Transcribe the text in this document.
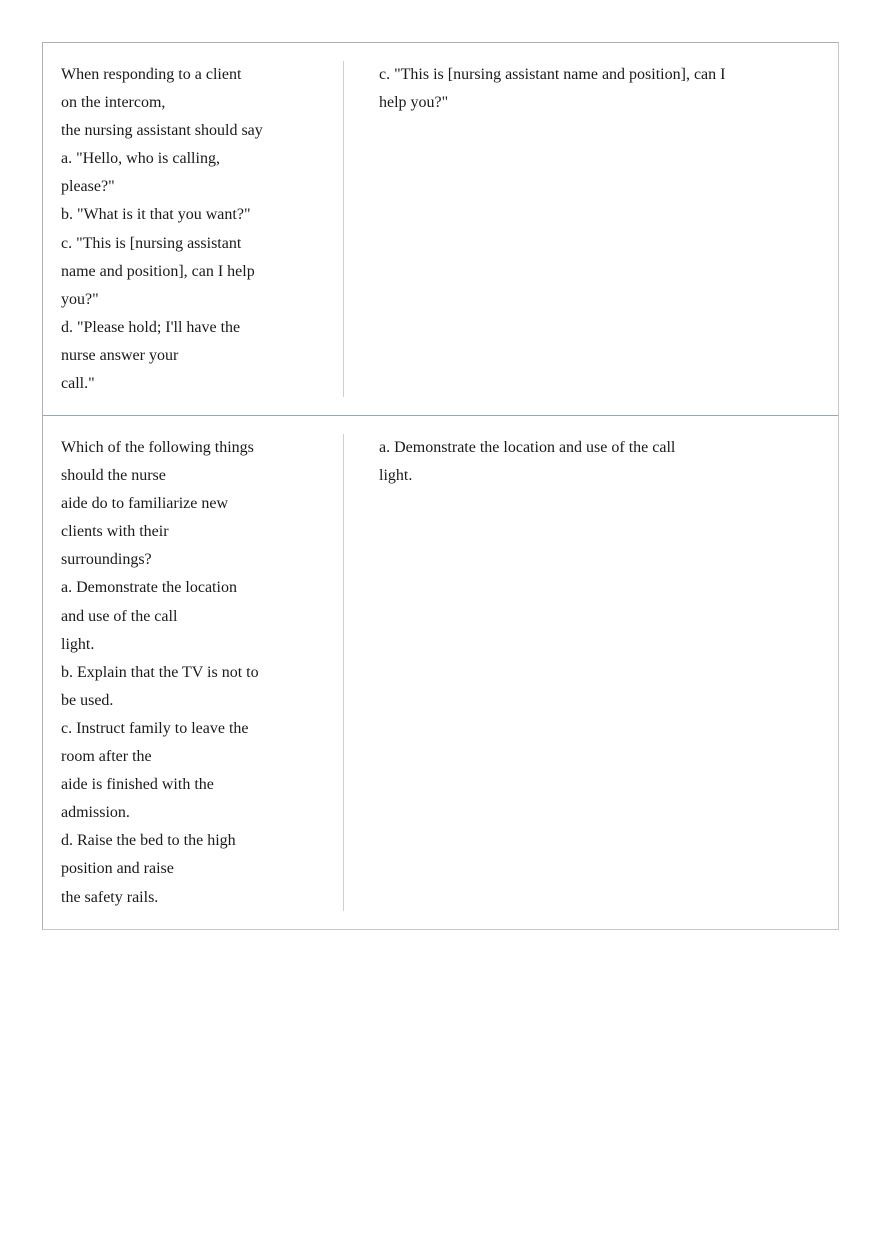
When responding to a client
on the intercom,
the nursing assistant should say
a. "Hello, who is calling,
please?"
b. "What is it that you want?"
c. "This is [nursing assistant
name and position], can I help
you?"
d. "Please hold; I'll have the
nurse answer your
call."
c. "This is [nursing assistant name and position], can I
help you?"
Which of the following things
should the nurse
aide do to familiarize new
clients with their
surroundings?
a. Demonstrate the location
and use of the call
light.
b. Explain that the TV is not to
be used.
c. Instruct family to leave the
room after the
aide is finished with the
admission.
d. Raise the bed to the high
position and raise
the safety rails.
a. Demonstrate the location and use of the call
light.
